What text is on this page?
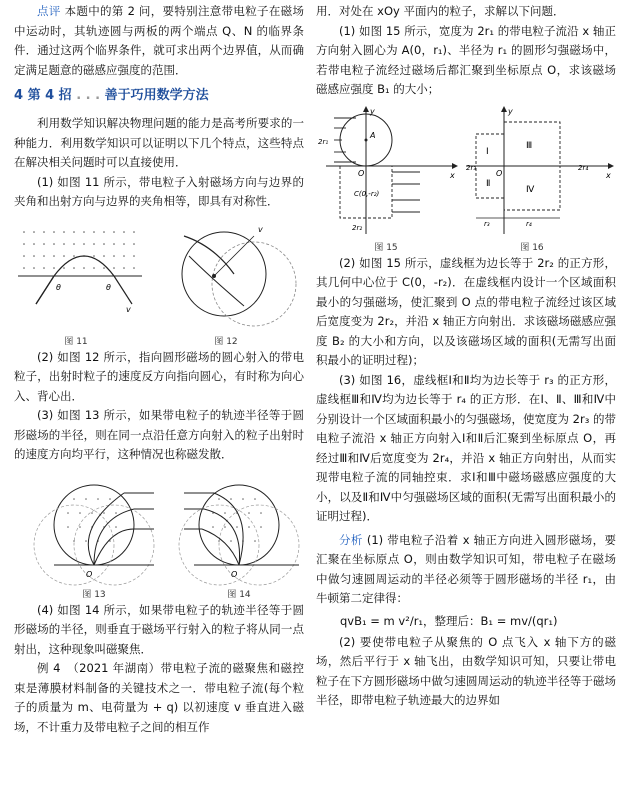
点评 本题中的第 2 问，要特别注意带电粒子在磁场中运动时，其轨迹圆与两板的两个端点 Q、N 的临界条件．通过这两个临界条件，就可求出两个边界值，从而确定满足题意的磁感应强度的范围．

4 第 4 招 . . . 善于巧用数学方法

利用数学知识解决物理问题的能力是高考所要求的一种能力．利用数学知识可以证明以下几个特点，这些特点在解决相关问题时可以直接使用．

(1) 如图 11 所示，带电粒子入射磁场方向与边界的夹角和出射方向与边界的夹角相等，即具有对称性．

θ	θ
v
v
图 11	图 12

(2) 如图 12 所示，指向圆形磁场的圆心射入的带电粒子，出射时粒子的速度反方向指向圆心，有时称为向心入、背心出．

(3) 如图 13 所示，如果带电粒子的轨迹半径等于圆形磁场的半径，则在同一点沿任意方向射入的粒子出射时的速度方向均平行，这种情况也称磁发散．

O	O
图 13	图 14

(4) 如图 14 所示，如果带电粒子的轨迹半径等于圆形磁场的半径，则垂直于磁场平行射入的粒子将从同一点射出，这种现象叫磁聚焦．

例 4　（2021 年湖南）带电粒子流的磁聚焦和磁控束是薄膜材料制备的关键技术之一．带电粒子流(每个粒子的质量为 m、电荷量为 + q) 以初速度 v 垂直进入磁场，不计重力及带电粒子之间的相互作

用．对处在 xOy 平面内的粒子，求解以下问题．

(1) 如图 15 所示，宽度为 2r₁ 的带电粒子流沿 x 轴正方向射入圆心为 A(0，r₁)、半径为 r₁ 的圆形匀强磁场中，若带电粒子流经过磁场后都汇聚到坐标原点 O，求该磁场磁感应强度 B₁ 的大小；

y
x
A
2r₁
C(0,-r₂)
O
2r₂
y
x
Ⅰ
Ⅱ
Ⅲ
Ⅳ
O
2r₃	2r₄
r₃	r₄
图 15	图 16

(2) 如图 15 所示，虚线框为边长等于 2r₂ 的正方形，其几何中心位于 C(0，-r₂)．在虚线框内设计一个区域面积最小的匀强磁场，使汇聚到 O 点的带电粒子流经过该区域后宽度变为 2r₂，并沿 x 轴正方向射出．求该磁场磁感应强度 B₂ 的大小和方向，以及该磁场区域的面积(无需写出面积最小的证明过程)；

(3) 如图 16，虚线框Ⅰ和Ⅱ均为边长等于 r₃ 的正方形，虚线框Ⅲ和Ⅳ均为边长等于 r₄ 的正方形．在Ⅰ、Ⅱ、Ⅲ和Ⅳ中分别设计一个区域面积最小的匀强磁场，使宽度为 2r₃ 的带电粒子流沿 x 轴正方向射入Ⅰ和Ⅱ后汇聚到坐标原点 O，再经过Ⅲ和Ⅳ后宽度变为 2r₄，并沿 x 轴正方向射出，从而实现带电粒子流的同轴控束．求Ⅰ和Ⅲ中磁场磁感应强度的大小，以及Ⅱ和Ⅳ中匀强磁场区域的面积(无需写出面积最小的证明过程)．

分析 (1) 带电粒子沿着 x 轴正方向进入圆形磁场，要汇聚在坐标原点 O，则由数学知识可知，带电粒子在磁场中做匀速圆周运动的半径必须等于圆形磁场的半径 r₁，由牛顿第二定律得：

qvB₁ = m v²/r₁，整理后：B₁ = mv/(qr₁)

(2) 要使带电粒子从聚焦的 O 点飞入 x 轴下方的磁场，然后平行于 x 轴飞出，由数学知识可知，只要让带电粒子在下方圆形磁场中做匀速圆周运动的轨迹半径等于磁场半径，即带电粒子轨迹最大的边界如
